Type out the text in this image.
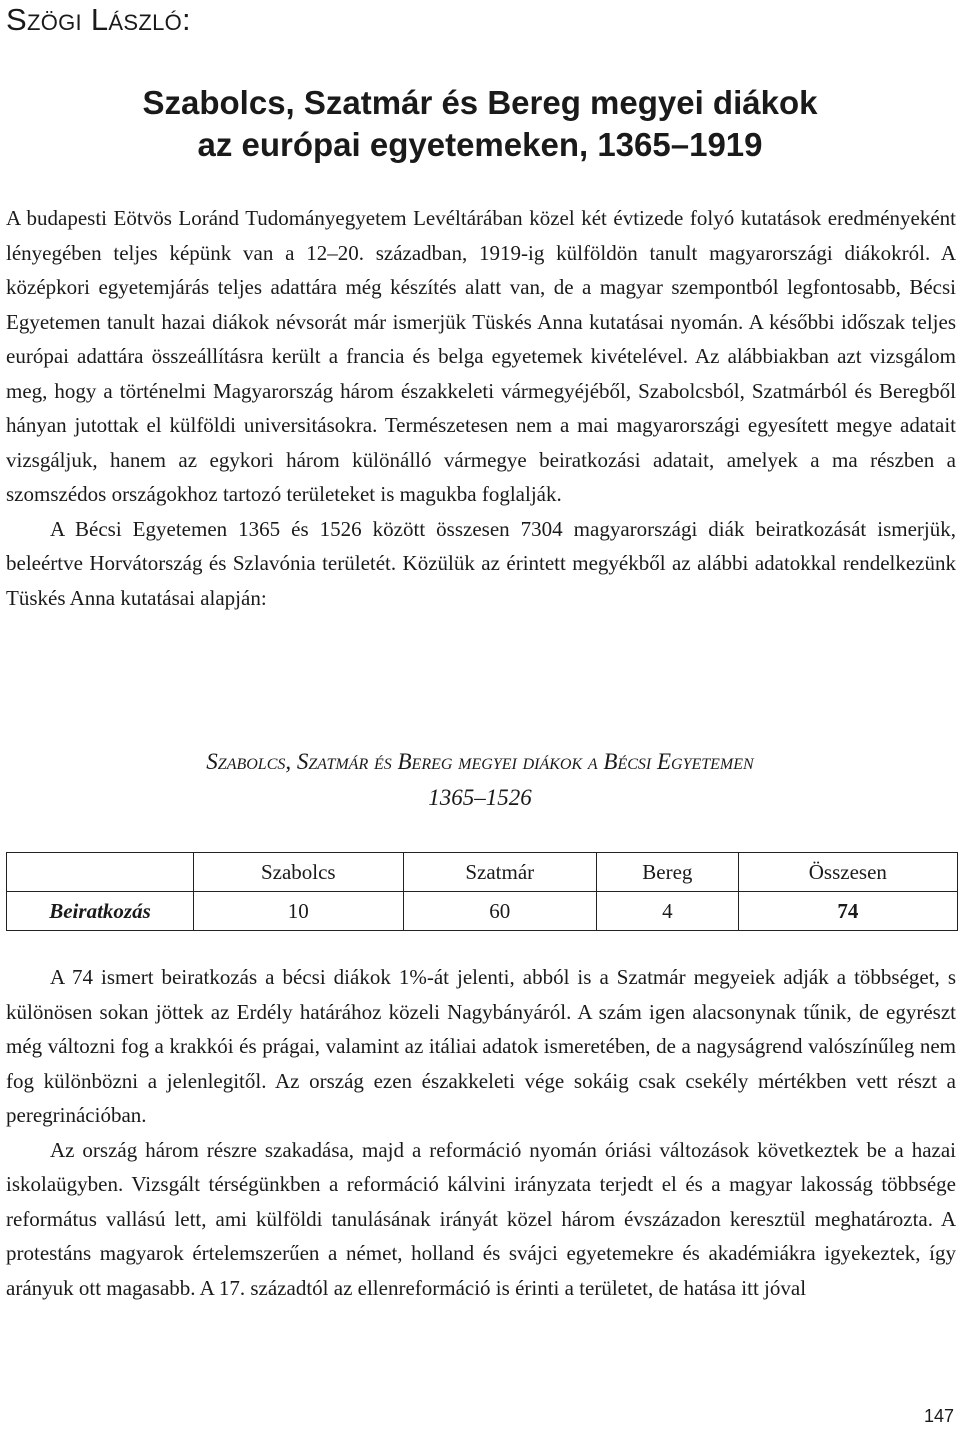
Szögi László:
Szabolcs, Szatmár és Bereg megyei diákok
az európai egyetemeken, 1365–1919

A budapesti Eötvös Loránd Tudományegyetem Levéltárában közel két évtizede folyó kutatások eredményeként lényegében teljes képünk van a 12–20. században, 1919-ig külföldön tanult magyarországi diákokról. A középkori egyetemjárás teljes adattára még készítés alatt van, de a magyar szempontból legfontosabb, Bécsi Egyetemen tanult hazai diákok névsorát már ismerjük Tüskés Anna kutatásai nyomán. A későbbi időszak teljes európai adattára összeállításra került a francia és belga egyetemek kivételével. Az alábbiakban azt vizsgálom meg, hogy a történelmi Magyarország három északkeleti vármegyéjéből, Szabolcsból, Szatmárból és Beregből hányan jutottak el külföldi universitásokra. Természetesen nem a mai magyarországi egyesített megye adatait vizsgáljuk, hanem az egykori három különálló vármegye beiratkozási adatait, amelyek a ma részben a szomszédos országokhoz tartozó területeket is magukba foglalják.

A Bécsi Egyetemen 1365 és 1526 között összesen 7304 magyarországi diák beiratkozását ismerjük, beleértve Horvátország és Szlavónia területét. Közülük az érintett megyékből az alábbi adatokkal rendelkezünk Tüskés Anna kutatásai alapján:

Szabolcs, Szatmár és Bereg megyei diákok a Bécsi Egyetemen
1365–1526
	Szabolcs	Szatmár	Bereg	Összesen
Beiratkozás	10	60	4	74

A 74 ismert beiratkozás a bécsi diákok 1%-át jelenti, abból is a Szatmár megyeiek adják a többséget, s különösen sokan jöttek az Erdély határához közeli Nagybányáról. A szám igen alacsonynak tűnik, de egyrészt még változni fog a krakkói és prágai, valamint az itáliai adatok ismeretében, de a nagyságrend valószínűleg nem fog különbözni a jelenlegitől. Az ország ezen északkeleti vége sokáig csak csekély mértékben vett részt a peregrinációban.

Az ország három részre szakadása, majd a reformáció nyomán óriási változások következtek be a hazai iskolaügyben. Vizsgált térségünkben a reformáció kálvini irányzata terjedt el és a magyar lakosság többsége református vallású lett, ami külföldi tanulásának irányát közel három évszázadon keresztül meghatározta. A protestáns magyarok értelemszerűen a német, holland és svájci egyetemekre és akadémiákra igyekeztek, így arányuk ott magasabb. A 17. századtól az ellenreformáció is érinti a területet, de hatása itt jóval

147
